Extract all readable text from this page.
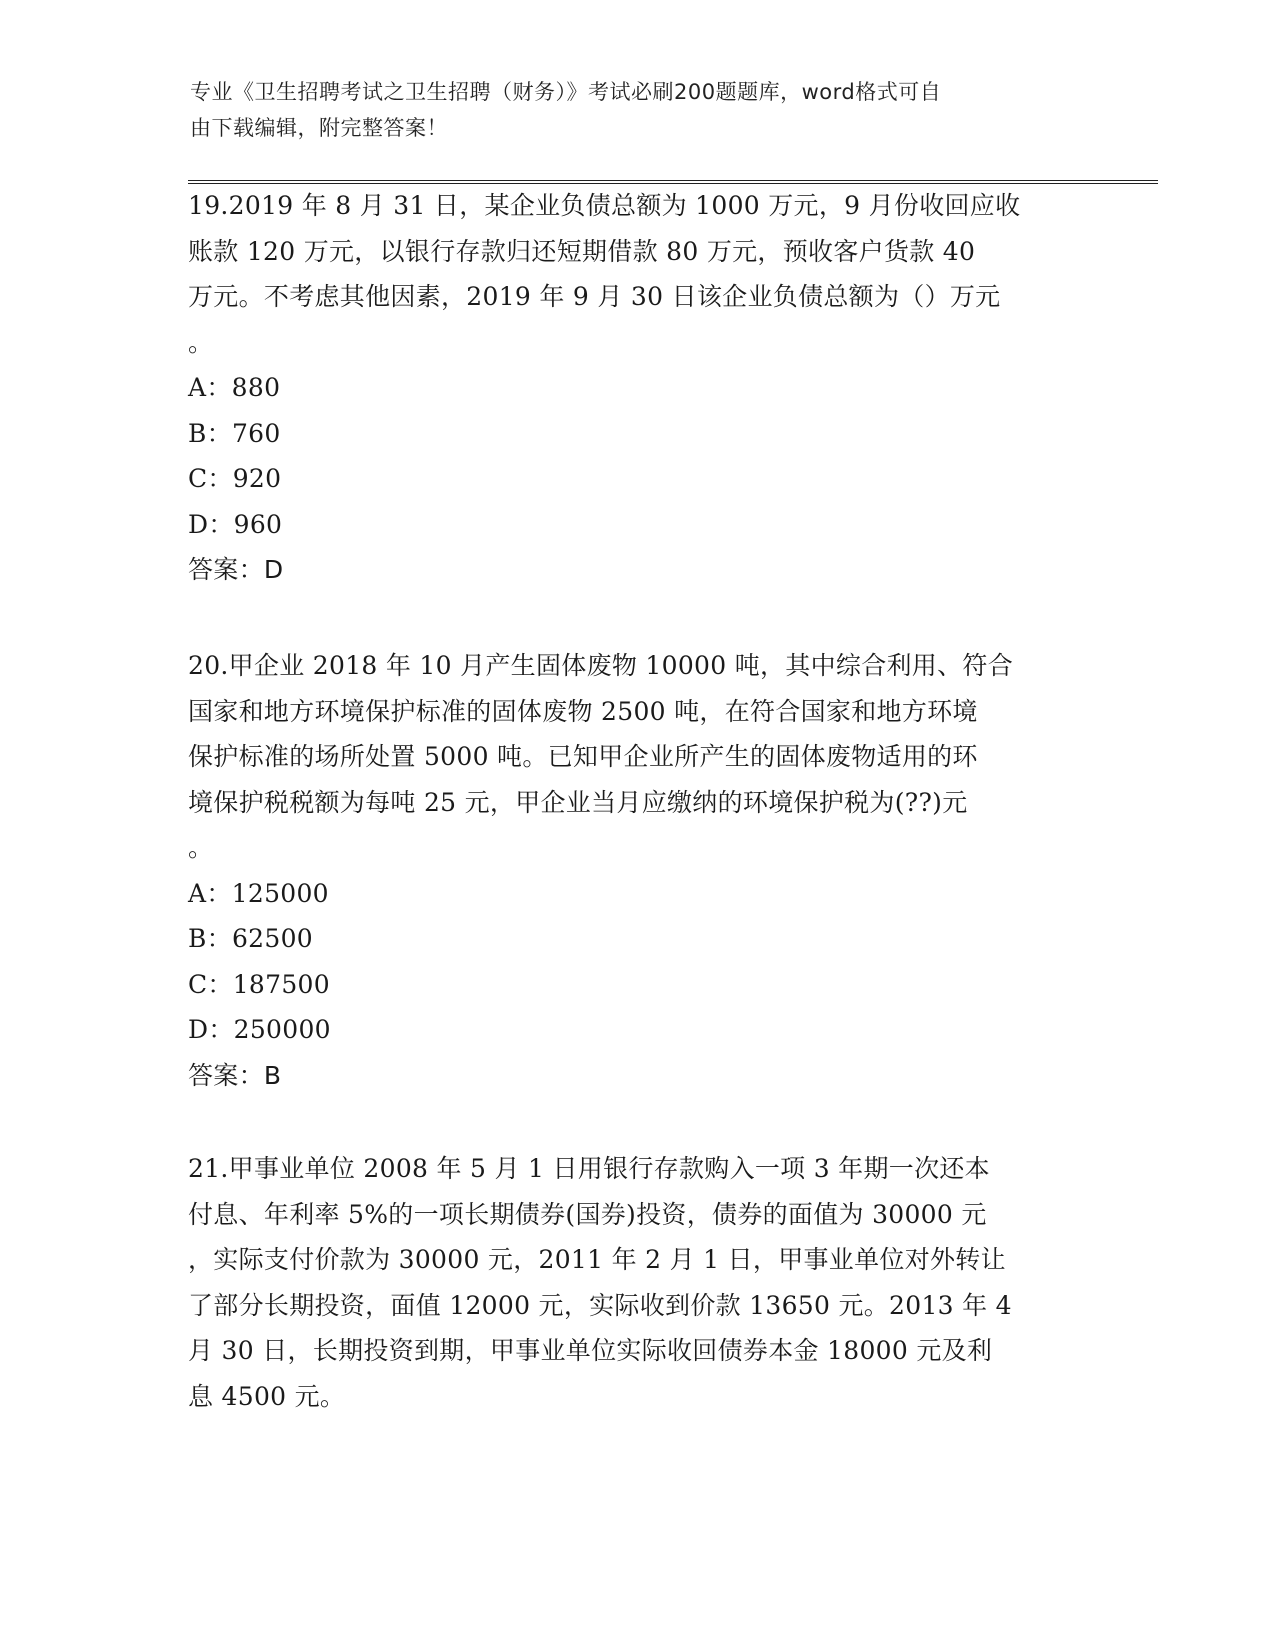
专业《卫生招聘考试之卫生招聘（财务）》考试必刷200题题库，word格式可自
由下载编辑，附完整答案！
19.2019 年 8 月 31 日，某企业负债总额为 1000 万元，9 月份收回应收
账款 120 万元，以银行存款归还短期借款 80 万元，预收客户货款 40
万元。不考虑其他因素，2019 年 9 月 30 日该企业负债总额为（）万元
。
A：880
B：760
C：920
D：960
答案：D
20.甲企业 2018 年 10 月产生固体废物 10000 吨，其中综合利用、符合
国家和地方环境保护标准的固体废物 2500 吨，在符合国家和地方环境
保护标准的场所处置 5000 吨。已知甲企业所产生的固体废物适用的环
境保护税税额为每吨 25 元，甲企业当月应缴纳的环境保护税为(??)元
。
A：125000
B：62500
C：187500
D：250000
答案：B
21.甲事业单位 2008 年 5 月 1 日用银行存款购入一项 3 年期一次还本
付息、年利率 5%的一项长期债券(国券)投资，债券的面值为 30000 元
，实际支付价款为 30000 元，2011 年 2 月 1 日，甲事业单位对外转让
了部分长期投资，面值 12000 元，实际收到价款 13650 元。2013 年 4
月 30 日，长期投资到期，甲事业单位实际收回债券本金 18000 元及利
息 4500 元。
